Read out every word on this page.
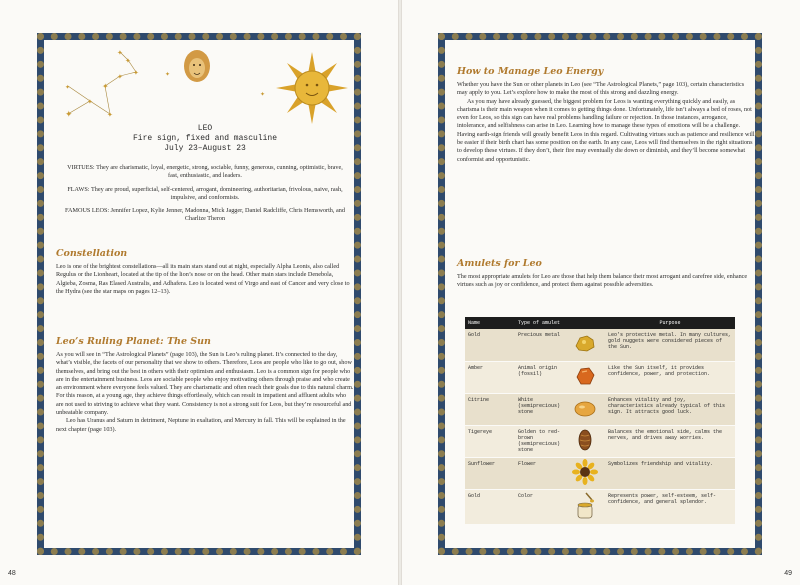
✦
✦
✦
✦
✦ ✦
✦
✦
✦
✦
✦
LEO
Fire sign, fixed and masculine
July 23–August 23

VIRTUES: They are charismatic, loyal, energetic, strong, sociable, funny, generous, cunning, optimistic, brave, fast, enthusiastic, and leaders.

FLAWS: They are proud, superficial, self-centered, arrogant, domineering, authoritarian, frivolous, naive, rash, impulsive, and conformists.

FAMOUS LEOS: Jennifer Lopez, Kylie Jenner, Madonna, Mick Jagger, Daniel Radcliffe, Chris Hemsworth, and Charlize Theron

Constellation

Leo is one of the brightest constellations—all its main stars stand out at night, especially Alpha Leonis, also called Regulus or the Lionheart, located at the tip of the lion’s nose or on the head. Other main stars include Denebola, Algieba, Zosma, Ras Elased Australis, and Adhafera. Leo is located west of Virgo and east of Cancer and very close to the Hydra (see the star maps on pages 12–13).

Leo’s Ruling Planet: The Sun

As you will see in “The Astrological Planets” (page 103), the Sun is Leo’s ruling planet. It’s connected to the day, what’s visible, the facets of our personality that we show to others. Therefore, Leos are people who like to go out, show themselves, and bring out the best in others with their optimism and enthusiasm. Leo is a common sign for people who are in the entertainment business. Leos are sociable people who enjoy motivating others through praise and who create an environment where everyone feels valued. They are charismatic and often reach their goals due to this natural charm. For this reason, at a young age, they achieve things effortlessly, which can result in impatient and affluent adults who are not used to striving to achieve what they want. Consistency is not a strong suit for Leos, but they’re resourceful and unbeatable company.

Leo has Uranus and Saturn in detriment, Neptune in exaltation, and Mercury in fall. This will be explained in the next chapter (page 103).

48
How to Manage Leo Energy

Whether you have the Sun or other planets in Leo (see “The Astrological Planets,” page 103), certain characteristics may apply to you. Let’s explore how to make the most of this strong and dazzling energy.

As you may have already guessed, the biggest problem for Leos is wanting everything quickly and easily, as charisma is their main weapon when it comes to getting things done. Unfortunately, life isn’t always a bed of roses, not even for Leos, so this sign can have real problems handling failure or rejection. In those instances, arrogance, intolerance, and selfishness can arise in Leo. Learning how to manage these types of emotions will be a challenge. Having earth-sign friends will greatly benefit Leos in this regard. Cultivating virtues such as patience and resilience will be easier if their birth chart has some position on the earth. In any case, Leos will find themselves in the right situations to develop these virtues. If they don’t, their fire may eventually die down or diminish, and they’ll become somewhat conformist and opportunistic.

Amulets for Leo

The most appropriate amulets for Leo are those that help them balance their most arrogant and carefree side, enhance virtues such as joy or confidence, and protect them against possible adversities.

Name	Type of amulet		Purpose
Gold	Precious metal		Leo’s protective metal. In many cultures, gold nuggets were considered pieces of the Sun.
Amber	Animal origin (fossil)		Like the Sun itself, it provides confidence, power, and protection.
Citrine	White (semiprecious) stone		Enhances vitality and joy, characteristics already typical of this sign. It attracts good luck.
Tigereye	Golden to red-brown (semiprecious) stone		Balances the emotional side, calms the nerves, and drives away worries.
Sunflower	Flower		Symbolizes friendship and vitality.
Gold	Color		Represents power, self-esteem, self-confidence, and general splendor.
49
